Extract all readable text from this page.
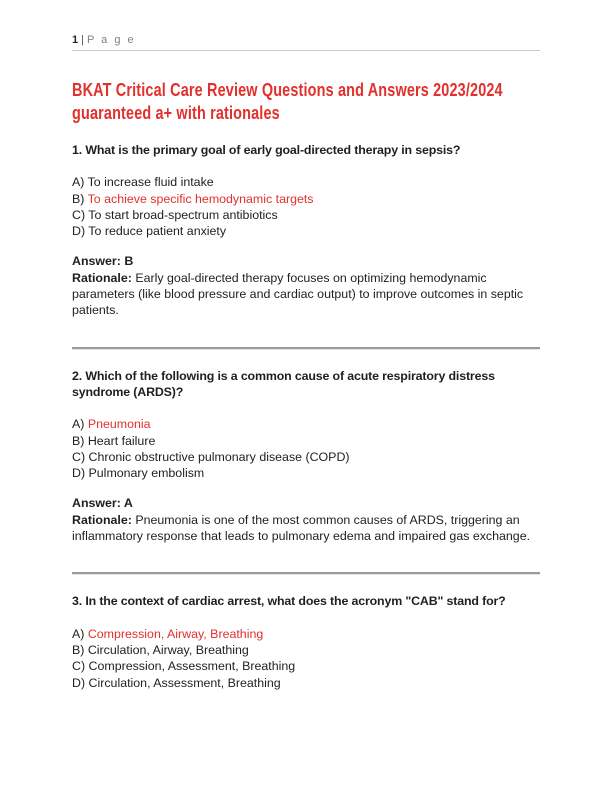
1 | P a g e
BKAT Critical Care Review Questions and Answers 2023/2024
guaranteed a+ with rationales

1. What is the primary goal of early goal-directed therapy in sepsis?

A) To increase fluid intake

B) To achieve specific hemodynamic targets

C) To start broad-spectrum antibiotics

D) To reduce patient anxiety

Answer: B

Rationale: Early goal-directed therapy focuses on optimizing hemodynamic parameters (like blood pressure and cardiac output) to improve outcomes in septic patients.

2. Which of the following is a common cause of acute respiratory distress

syndrome (ARDS)?

A) Pneumonia

B) Heart failure

C) Chronic obstructive pulmonary disease (COPD)

D) Pulmonary embolism

Answer: A

Rationale: Pneumonia is one of the most common causes of ARDS, triggering an inflammatory response that leads to pulmonary edema and impaired gas exchange.

3. In the context of cardiac arrest, what does the acronym "CAB" stand for?

A) Compression, Airway, Breathing

B) Circulation, Airway, Breathing

C) Compression, Assessment, Breathing

D) Circulation, Assessment, Breathing
